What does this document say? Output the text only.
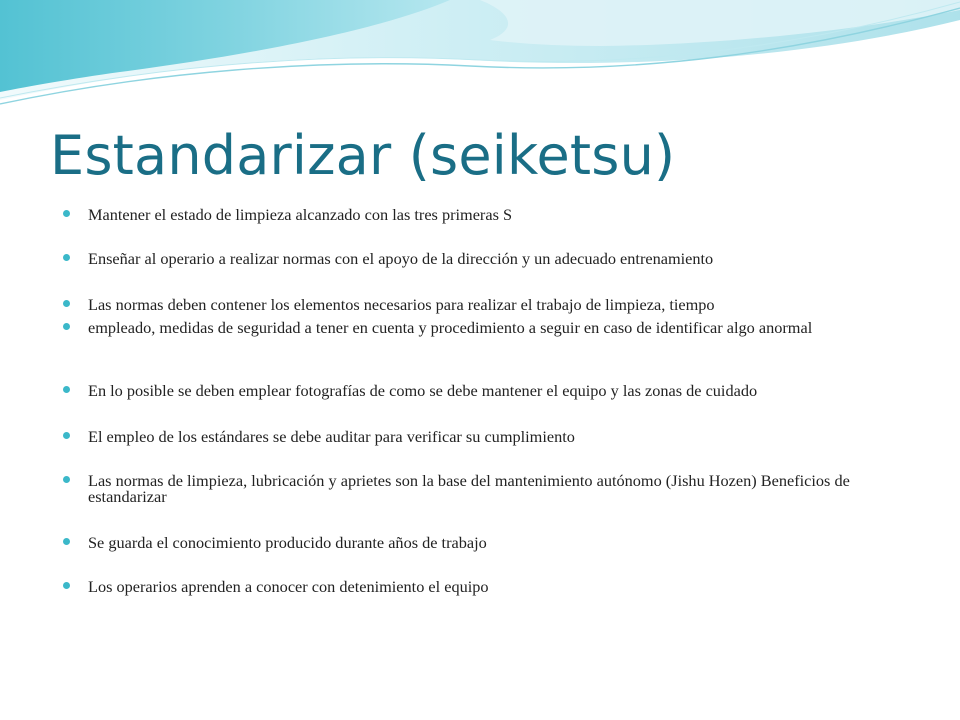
Estandarizar (seiketsu)
Mantener el estado de limpieza alcanzado con las tres primeras S
Enseñar al operario a realizar normas con el apoyo de la dirección y un adecuado entrenamiento
Las normas deben contener los elementos necesarios para realizar el trabajo de limpieza, tiempo
empleado, medidas de seguridad a tener en cuenta y procedimiento a seguir en caso de identificar algo anormal
En lo posible se deben emplear fotografías de como se debe mantener el equipo y las zonas de cuidado
El empleo de los estándares se debe auditar para verificar su cumplimiento
Las normas de limpieza, lubricación y aprietes son la base del mantenimiento autónomo (Jishu Hozen) Beneficios de estandarizar
Se guarda el conocimiento producido durante años de trabajo
Los operarios aprenden a conocer con detenimiento el equipo
